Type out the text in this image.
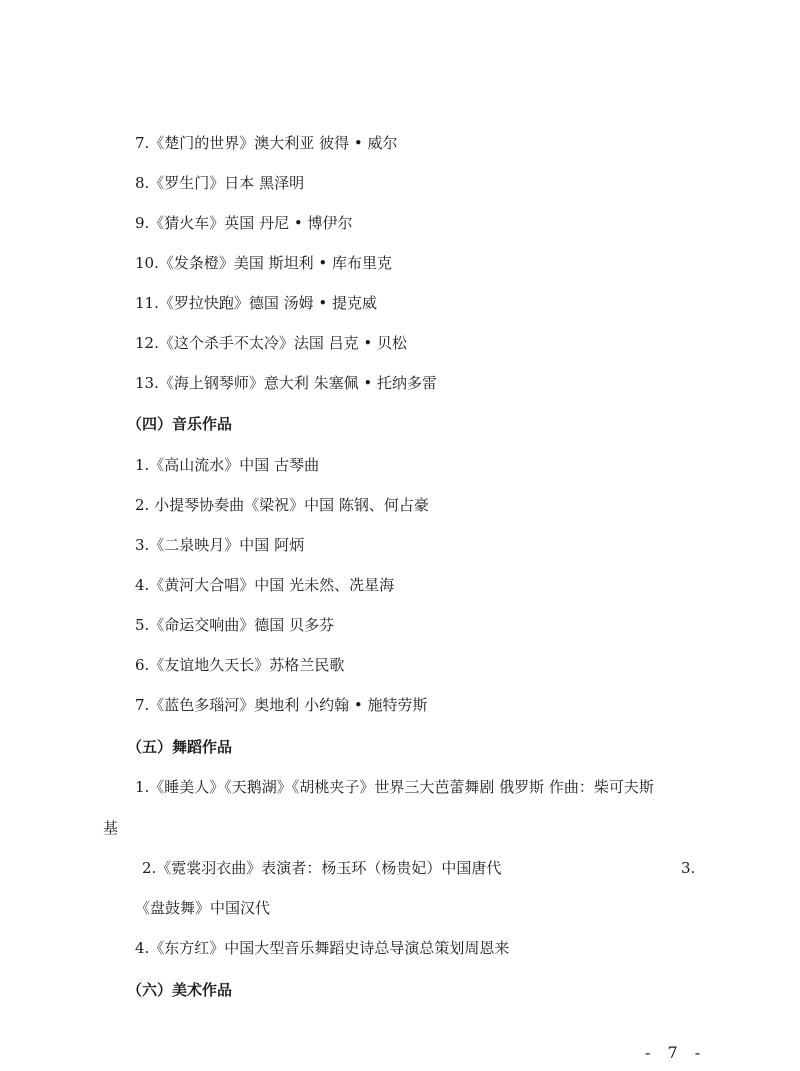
7.《楚门的世界》澳大利亚 彼得 • 威尔
8.《罗生门》日本 黑泽明
9.《猜火车》英国 丹尼 • 博伊尔
10.《发条橙》美国 斯坦利 • 库布里克
11.《罗拉快跑》德国 汤姆 • 提克威
12.《这个杀手不太冷》法国 吕克 • 贝松
13.《海上钢琴师》意大利 朱塞佩 • 托纳多雷
（四）音乐作品
1.《高山流水》中国 古琴曲
2. 小提琴协奏曲《梁祝》中国 陈钢、何占豪
3.《二泉映月》中国 阿炳
4.《黄河大合唱》中国 光未然、冼星海
5.《命运交响曲》德国 贝多芬
6.《友谊地久天长》苏格兰民歌
7.《蓝色多瑙河》奥地利 小约翰 • 施特劳斯
（五）舞蹈作品
1.《睡美人》《天鹅湖》《胡桃夹子》世界三大芭蕾舞剧 俄罗斯 作曲：柴可夫斯
基
2.《霓裳羽衣曲》表演者：杨玉环（杨贵妃）中国唐代	3.
《盘鼓舞》中国汉代
4.《东方红》中国大型音乐舞蹈史诗总导演总策划周恩来
（六）美术作品
- 7 -
